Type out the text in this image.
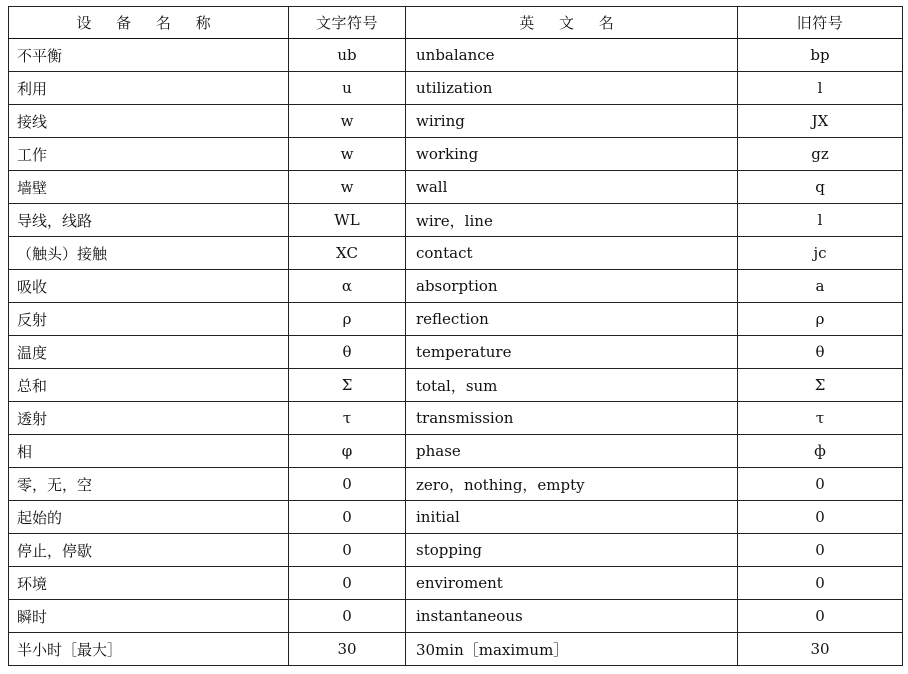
设 备 名 称	文字符号	英 文 名	旧符号
不平衡	ub	unbalance	bp
利用	u	utilization	l
接线	w	wiring	JX
工作	w	working	gz
墙壁	w	wall	q
导线，线路	WL	wire，line	l
（触头）接触	XC	contact	jc
吸收	α	absorption	a
反射	ρ	reflection	ρ
温度	θ	temperature	θ
总和	Σ	total，sum	Σ
透射	τ	transmission	τ
相	φ	phase	ф
零，无，空	0	zero，nothing，empty	0
起始的	0	initial	0
停止，停歇	0	stopping	0
环境	0	enviroment	0
瞬时	0	instantaneous	0
半小时［最大］	30	30min［maximum］	30
